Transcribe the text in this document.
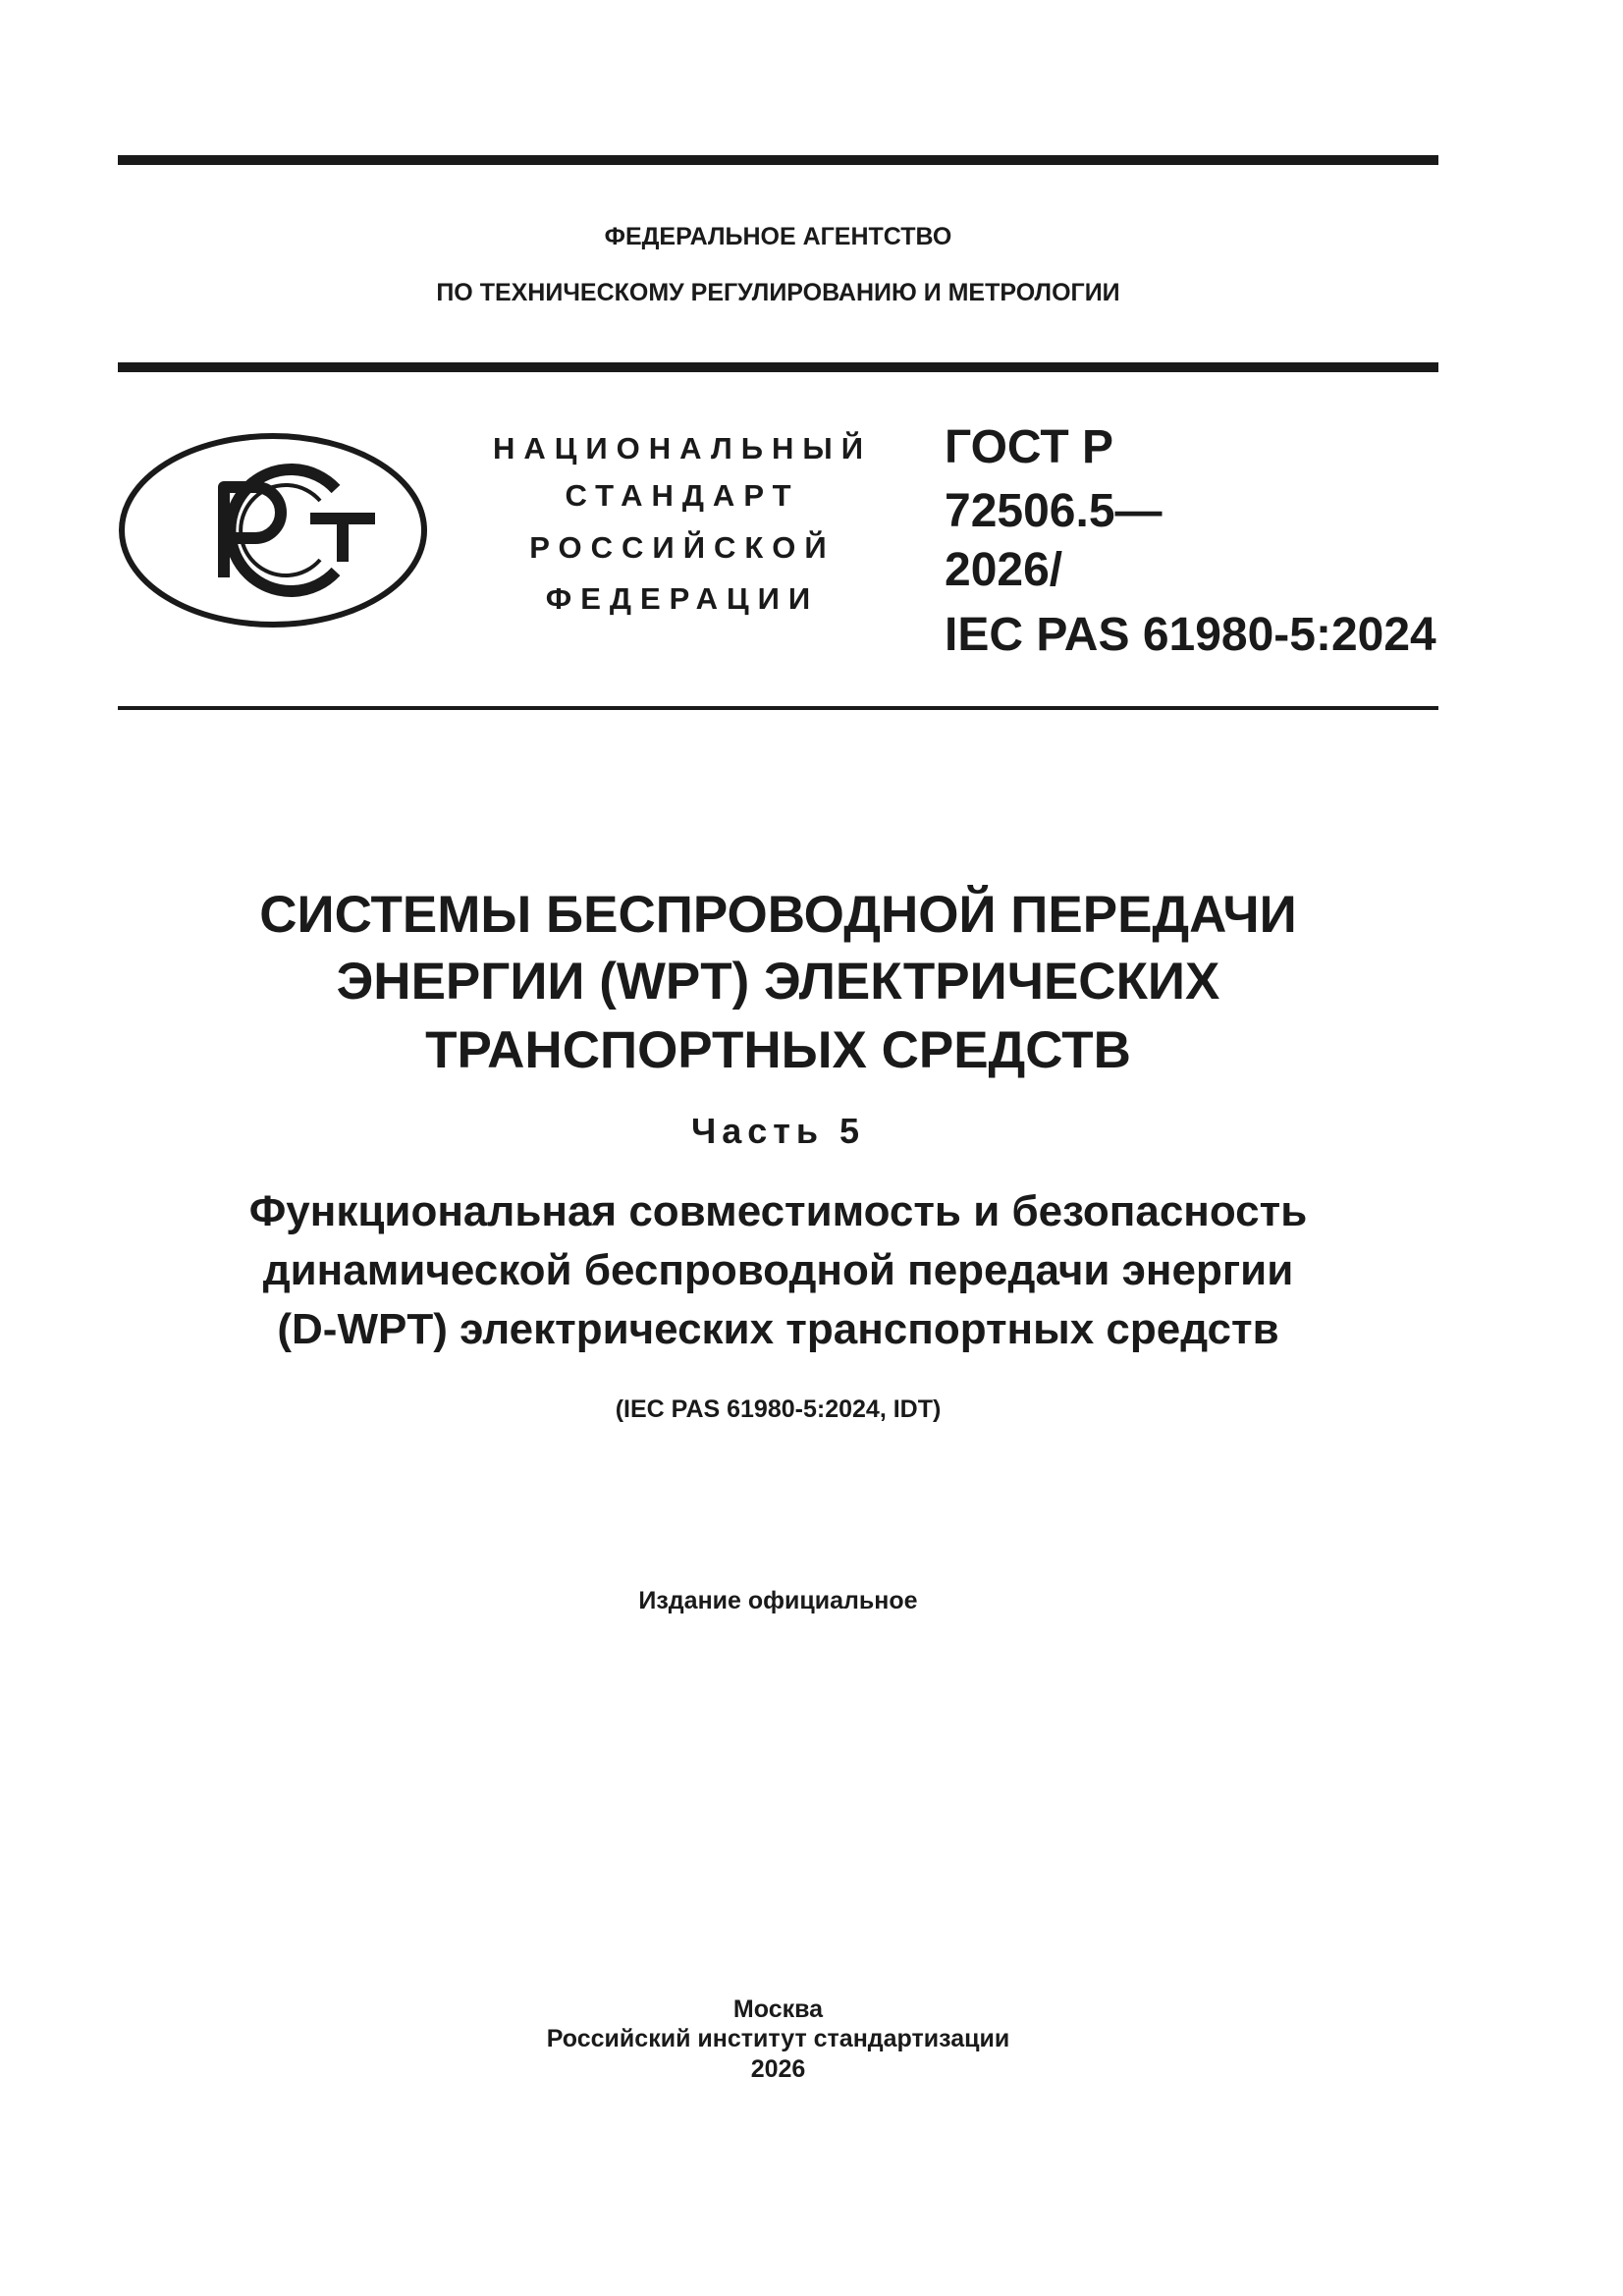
ФЕДЕРАЛЬНОЕ АГЕНТСТВО
ПО ТЕХНИЧЕСКОМУ РЕГУЛИРОВАНИЮ И МЕТРОЛОГИИ
НАЦИОНАЛЬНЫЙ
СТАНДАРТ
РОССИЙСКОЙ
ФЕДЕРАЦИИ
ГОСТ Р
72506.5—
2026/
IEC PAS 61980-5:2024
СИСТЕМЫ БЕСПРОВОДНОЙ ПЕРЕДАЧИ
ЭНЕРГИИ (WPT) ЭЛЕКТРИЧЕСКИХ
ТРАНСПОРТНЫХ СРЕДСТВ
Часть 5
Функциональная совместимость и безопасность
динамической беспроводной передачи энергии
(D-WPT) электрических транспортных средств
(IEC PAS 61980-5:2024, IDT)
Издание официальное
Москва
Российский институт стандартизации
2026
